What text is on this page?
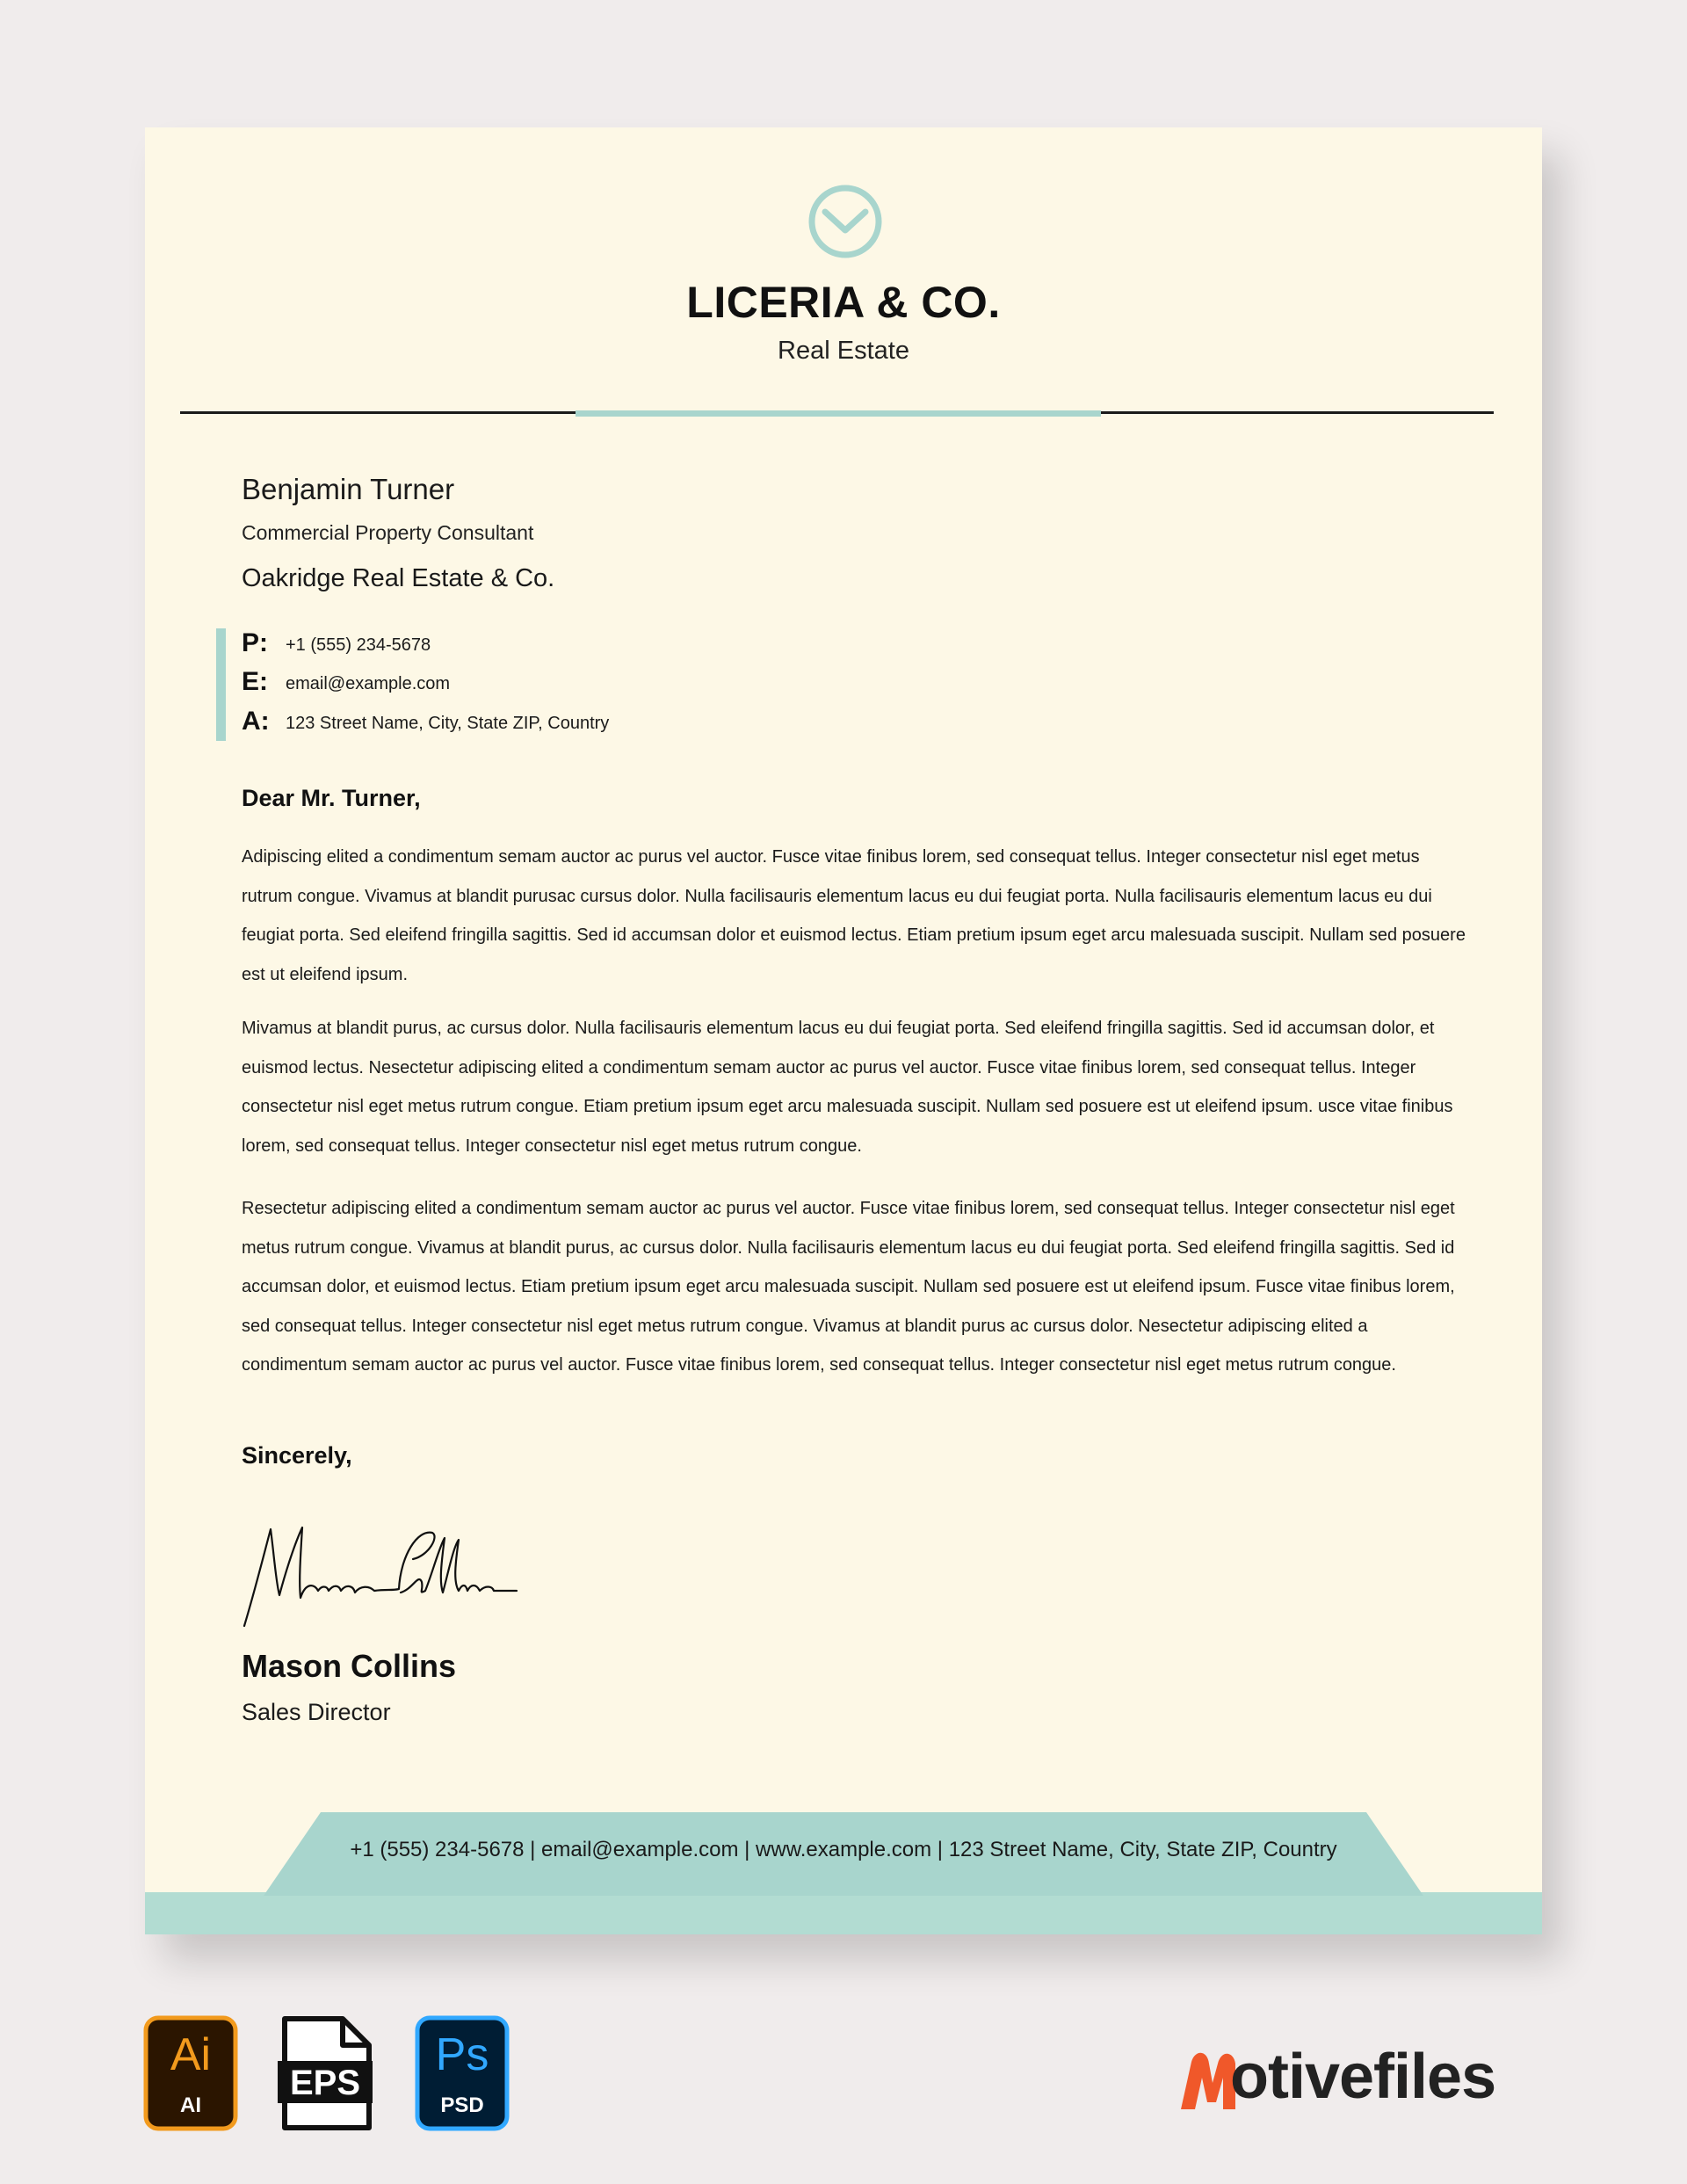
LICERIA & CO.
Real Estate
Benjamin Turner
Commercial Property Consultant
Oakridge Real Estate & Co.
P: +1 (555) 234-5678
E: email@example.com
A: 123 Street Name, City, State ZIP, Country
Dear Mr. Turner,

Adipiscing elited a condimentum semam auctor ac purus vel auctor. Fusce vitae finibus lorem, sed consequat tellus. Integer consectetur nisl eget metus rutrum congue. Vivamus at blandit purusac cursus dolor. Nulla facilisauris elementum lacus eu dui feugiat porta. Nulla facilisauris elementum lacus eu dui feugiat porta. Sed eleifend fringilla sagittis. Sed id accumsan dolor et euismod lectus. Etiam pretium ipsum eget arcu malesuada suscipit. Nullam sed posuere est ut eleifend ipsum.

Mivamus at blandit purus, ac cursus dolor. Nulla facilisauris elementum lacus eu dui feugiat porta. Sed eleifend fringilla sagittis. Sed id accumsan dolor, et euismod lectus. Nesectetur adipiscing elited a condimentum semam auctor ac purus vel auctor. Fusce vitae finibus lorem, sed consequat tellus. Integer consectetur nisl eget metus rutrum congue. Etiam pretium ipsum eget arcu malesuada suscipit. Nullam sed posuere est ut eleifend ipsum. usce vitae finibus lorem, sed consequat tellus. Integer consectetur nisl eget metus rutrum congue.

Resectetur adipiscing elited a condimentum semam auctor ac purus vel auctor. Fusce vitae finibus lorem, sed consequat tellus. Integer consectetur nisl eget metus rutrum congue. Vivamus at blandit purus, ac cursus dolor. Nulla facilisauris elementum lacus eu dui feugiat porta. Sed eleifend fringilla sagittis. Sed id accumsan dolor, et euismod lectus. Etiam pretium ipsum eget arcu malesuada suscipit. Nullam sed posuere est ut eleifend ipsum. Fusce vitae finibus lorem, sed consequat tellus. Integer consectetur nisl eget metus rutrum congue. Vivamus at blandit purus ac cursus dolor. Nesectetur adipiscing elited a condimentum semam auctor ac purus vel auctor. Fusce vitae finibus lorem, sed consequat tellus. Integer consectetur nisl eget metus rutrum congue.

Sincerely,
Mason Collins
Sales Director
+1 (555) 234-5678 | email@example.com | www.example.com | 123 Street Name, City, State ZIP, Country
Ai
AI
EPS
Ps
PSD	otivefiles
